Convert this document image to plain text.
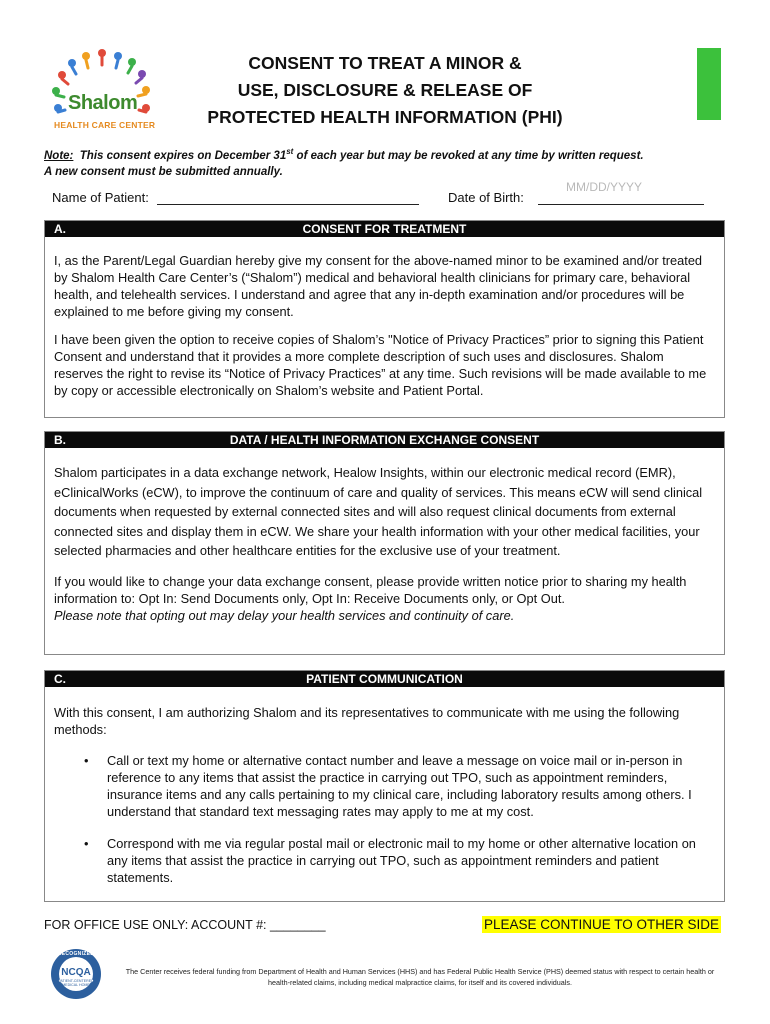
Shalom
HEALTH CARE CENTER
CONSENT TO TREAT A MINOR &
USE, DISCLOSURE & RELEASE OF
PROTECTED HEALTH INFORMATION (PHI)
Note: This consent expires on December 31st of each year but may be revoked at any time by written request.
A new consent must be submitted annually.
Name of Patient:	Date of Birth:
MM/DD/YYYY
A.	CONSENT FOR TREATMENT

I, as the Parent/Legal Guardian hereby give my consent for the above-named minor to be examined and/or treated by Shalom Health Care Center’s (“Shalom”) medical and behavioral health clinicians for primary care, behavioral health, and telehealth services. I understand and agree that any in-depth examination and/or procedures will be explained to me before giving my consent.

I have been given the option to receive copies of Shalom’s "Notice of Privacy Practices” prior to signing this Patient Consent and understand that it provides a more complete description of such uses and disclosures. Shalom reserves the right to revise its “Notice of Privacy Practices” at any time. Such revisions will be made available to me by copy or accessible electronically on Shalom’s website and Patient Portal.

B.	DATA / HEALTH INFORMATION EXCHANGE CONSENT

Shalom participates in a data exchange network, Healow Insights, within our electronic medical record (EMR), eClinicalWorks (eCW), to improve the continuum of care and quality of services. This means eCW will send clinical documents when requested by external connected sites and will also request clinical documents from external connected sites and display them in eCW. We share your health information with your other medical facilities, your selected pharmacies and other healthcare entities for the exclusive use of your treatment.

If you would like to change your data exchange consent, please provide written notice prior to sharing my health information to: Opt In: Send Documents only, Opt In: Receive Documents only, or Opt Out.

Please note that opting out may delay your health services and continuity of care.

C.	PATIENT COMMUNICATION

With this consent, I am authorizing Shalom and its representatives to communicate with me using the following methods:

• Call or text my home or alternative contact number and leave a message on voice mail or in-person in reference to any items that assist the practice in carrying out TPO, such as appointment reminders, insurance items and any calls pertaining to my clinical care, including laboratory results among others. I understand that standard text messaging rates may apply to me at my cost.
• Correspond with me via regular postal mail or electronic mail to my home or other alternative location on any items that assist the practice in carrying out TPO, such as appointment reminders and patient statements.
FOR OFFICE USE ONLY: ACCOUNT #: ________	PLEASE CONTINUE TO OTHER SIDE
RECOGNIZED
NCQA
PATIENT-CENTERED
MEDICAL HOME
The Center receives federal funding from Department of Health and Human Services (HHS) and has Federal Public Health Service (PHS) deemed status with respect to certain health or health-related claims, including medical malpractice claims, for itself and its covered individuals.
